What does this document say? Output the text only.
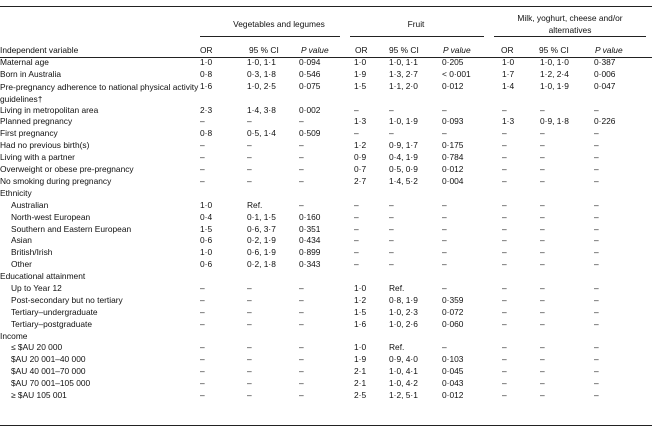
Vegetables and legumes	Fruit
Milk, yoghurt, cheese and/or alternatives
Independent variable	OR	95 % CI	P value	OR	95 % CI	P value	OR	95 % CI	P value
Maternal age	1·0	1·0, 1·1	0·094	1·0	1·0, 1·1	0·205	1·0	1·0, 1·0	0·387
Born in Australia	0·8	0·3, 1·8	0·546	1·9	1·3, 2·7	< 0·001	1·7	1·2, 2·4	0·006
Pre-pregnancy adherence to national physical activity guidelines†	1·6	1·0, 2·5	0·075	1·5	1·1, 2·0	0·012	1·4	1·0, 1·9	0·047
Living in metropolitan area	2·3	1·4, 3·8	0·002	–	–	–	–	–	–
Planned pregnancy	–	–	–	1·3	1·0, 1·9	0·093	1·3	0·9, 1·8	0·226
First pregnancy	0·8	0·5, 1·4	0·509	–	–	–	–	–	–
Had no previous birth(s)	–	–	–	1·2	0·9, 1·7	0·175	–	–	–
Living with a partner	–	–	–	0·9	0·4, 1·9	0·784	–	–	–
Overweight or obese pre-pregnancy	–	–	–	0·7	0·5, 0·9	0·012	–	–	–
No smoking during pregnancy	–	–	–	2·7	1·4, 5·2	0·004	–	–	–
Ethnicity									
Australian	1·0	Ref.	–	–	–	–	–	–	–
North-west European	0·4	0·1, 1·5	0·160	–	–	–	–	–	–
Southern and Eastern European	1·5	0·6, 3·7	0·351	–	–	–	–	–	–
Asian	0·6	0·2, 1·9	0·434	–	–	–	–	–	–
British/Irish	1·0	0·6, 1·9	0·899	–	–	–	–	–	–
Other	0·6	0·2, 1·8	0·343	–	–	–	–	–	–
Educational attainment									
Up to Year 12	–	–	–	1·0	Ref.	–	–	–	–
Post-secondary but no tertiary	–	–	–	1·2	0·8, 1·9	0·359	–	–	–
Tertiary–undergraduate	–	–	–	1·5	1·0, 2·3	0·072	–	–	–
Tertiary–postgraduate	–	–	–	1·6	1·0, 2·6	0·060	–	–	–
Income									
≤ $AU 20 000	–	–	–	1·0	Ref.	–	–	–	–
$AU 20 001–40 000	–	–	–	1·9	0·9, 4·0	0·103	–	–	–
$AU 40 001–70 000	–	–	–	2·1	1·0, 4·1	0·045	–	–	–
$AU 70 001–105 000	–	–	–	2·1	1·0, 4·2	0·043	–	–	–
≥ $AU 105 001	–	–	–	2·5	1·2, 5·1	0·012	–	–	–
